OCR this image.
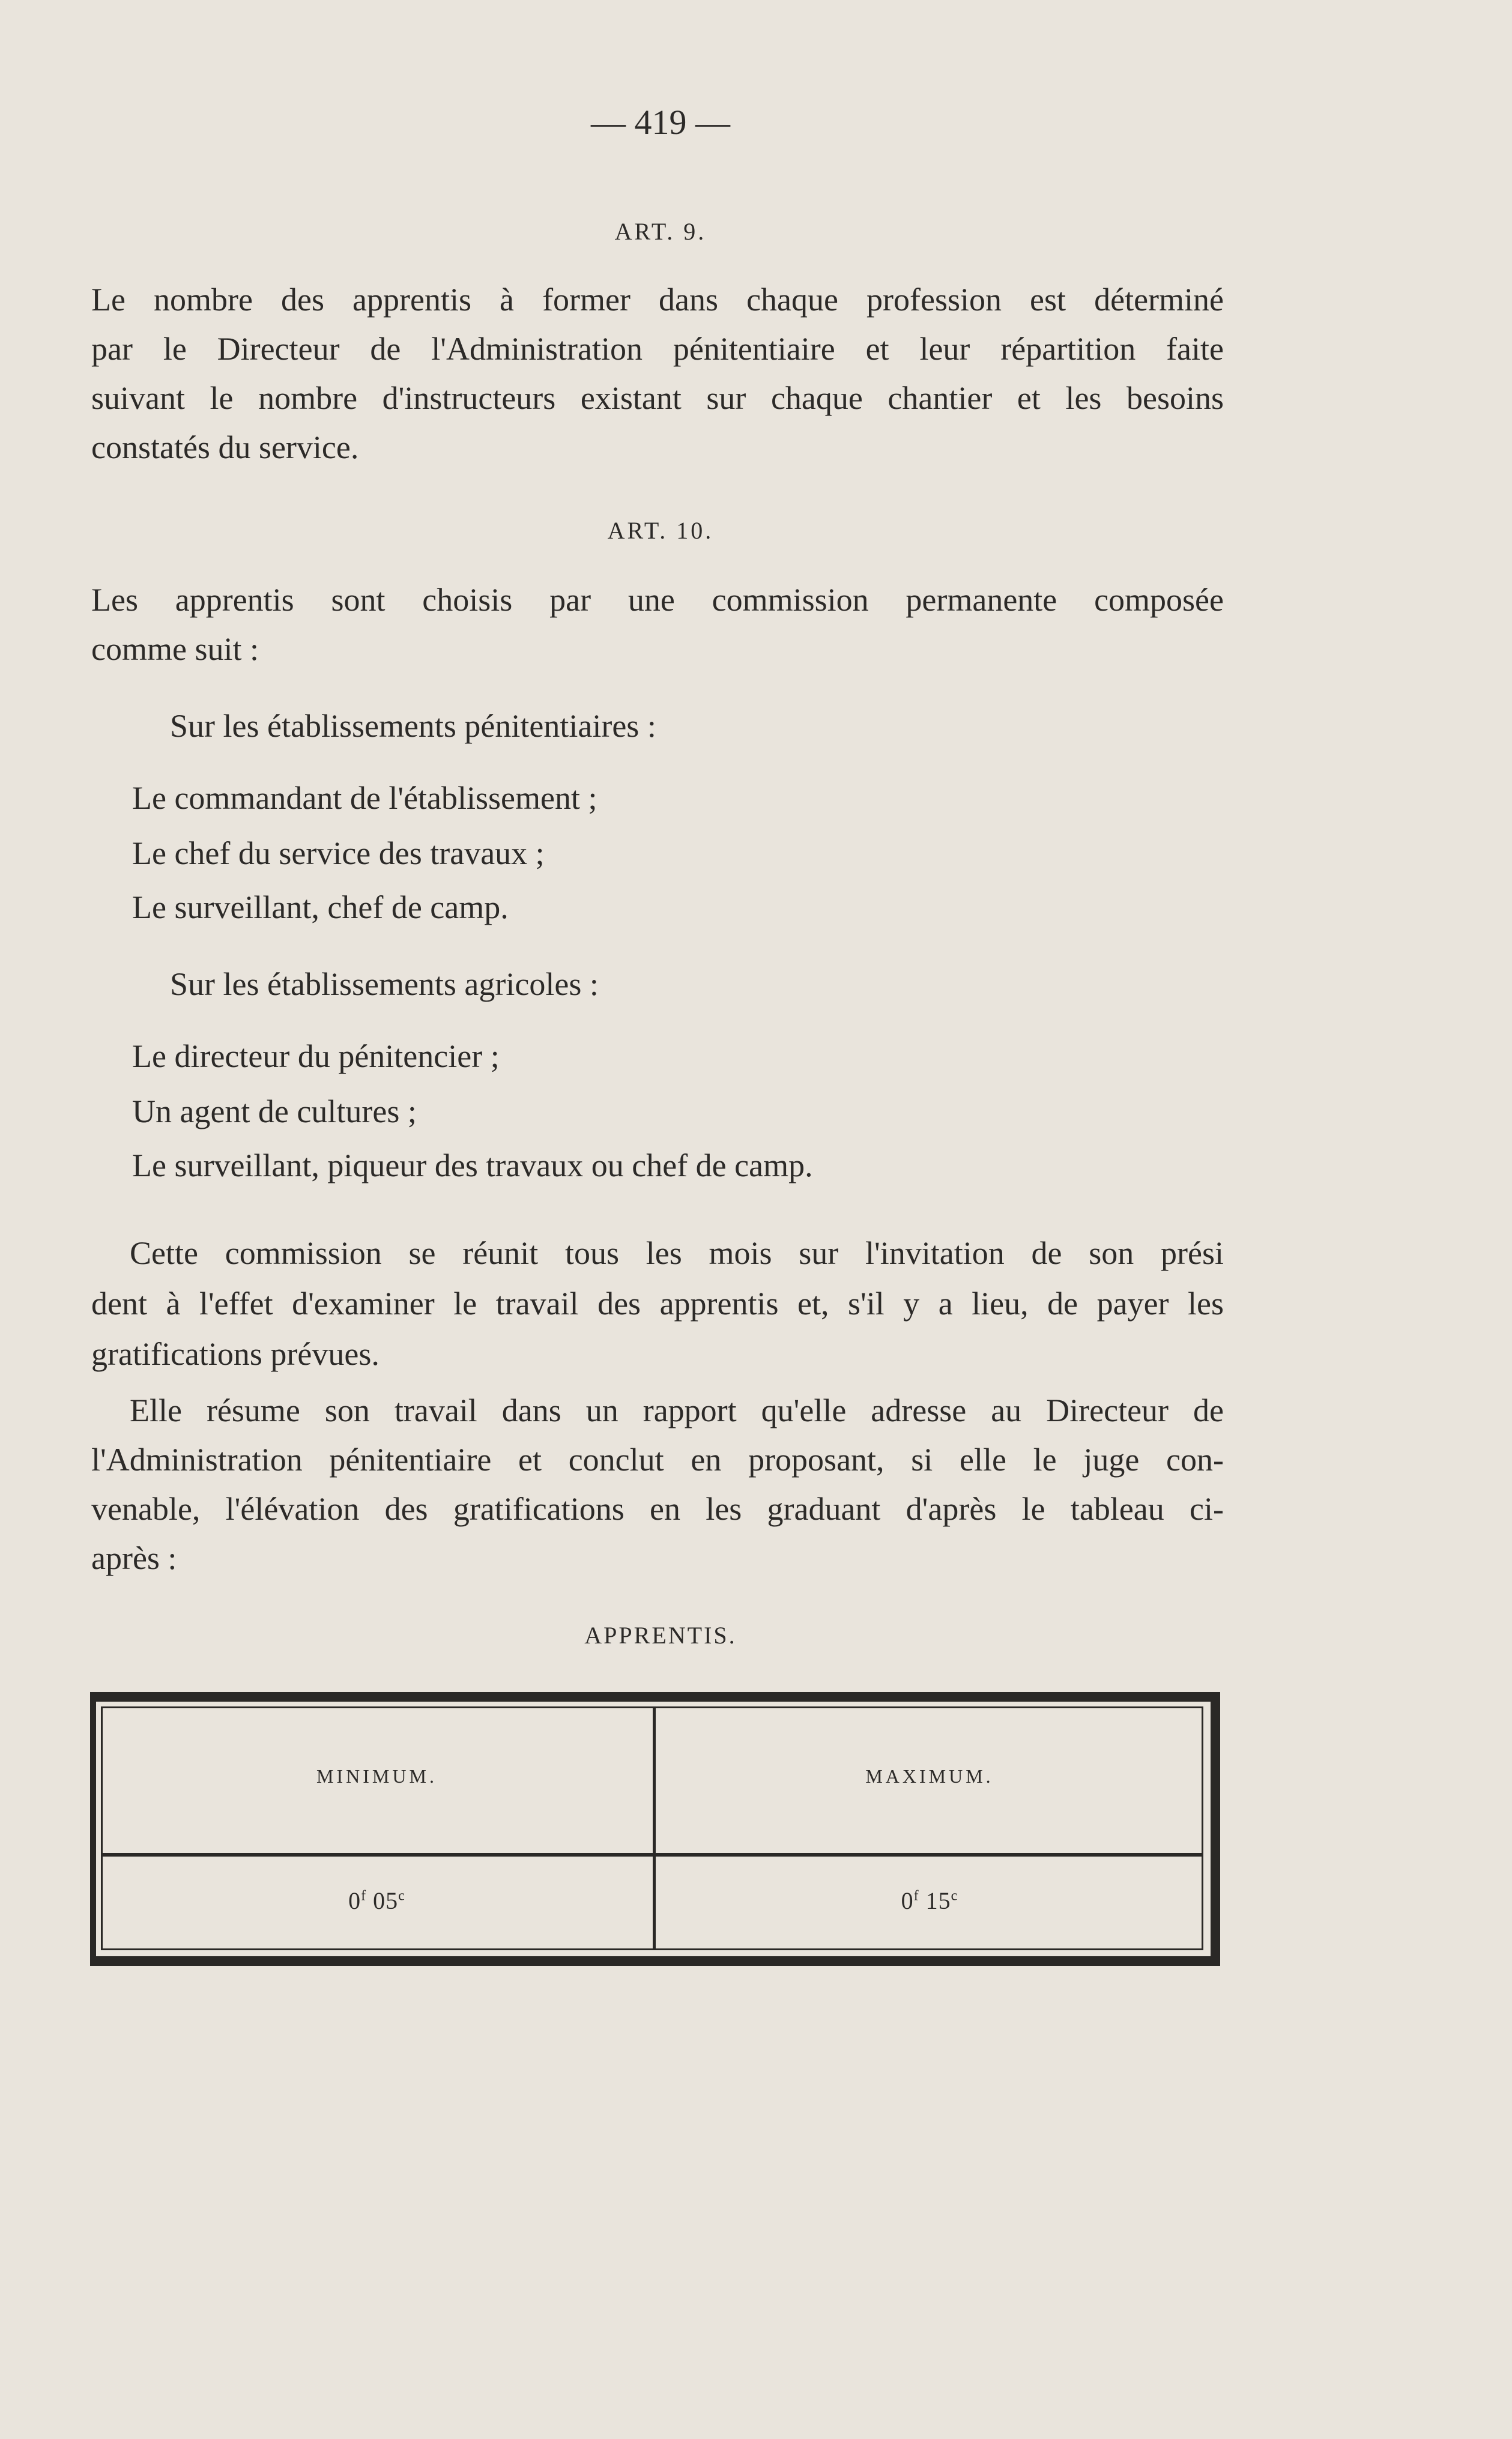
— 419 —
ART. 9.
Le nombre des apprentis à former dans chaque profession est déterminé
par le Directeur de l'Administration pénitentiaire et leur répartition faite
suivant le nombre d'instructeurs existant sur chaque chantier et les besoins
constatés du service.
ART. 10.
Les apprentis sont choisis par une commission permanente composée
comme suit :
Sur les établissements pénitentiaires :
Le commandant de l'établissement ;
Le chef du service des travaux ;
Le surveillant, chef de camp.
Sur les établissements agricoles :
Le directeur du pénitencier ;
Un agent de cultures ;
Le surveillant, piqueur des travaux ou chef de camp.
Cette commission se réunit tous les mois sur l'invitation de son prési
dent à l'effet d'examiner le travail des apprentis et, s'il y a lieu, de payer les
gratifications prévues.
Elle résume son travail dans un rapport qu'elle adresse au Directeur de
l'Administration pénitentiaire et conclut en proposant, si elle le juge con-
venable, l'élévation des gratifications en les graduant d'après le tableau ci-
après :
APPRENTIS.
MINIMUM.	MAXIMUM.
0$^f$ 05$^c$	0$^f$ 15$^c$
